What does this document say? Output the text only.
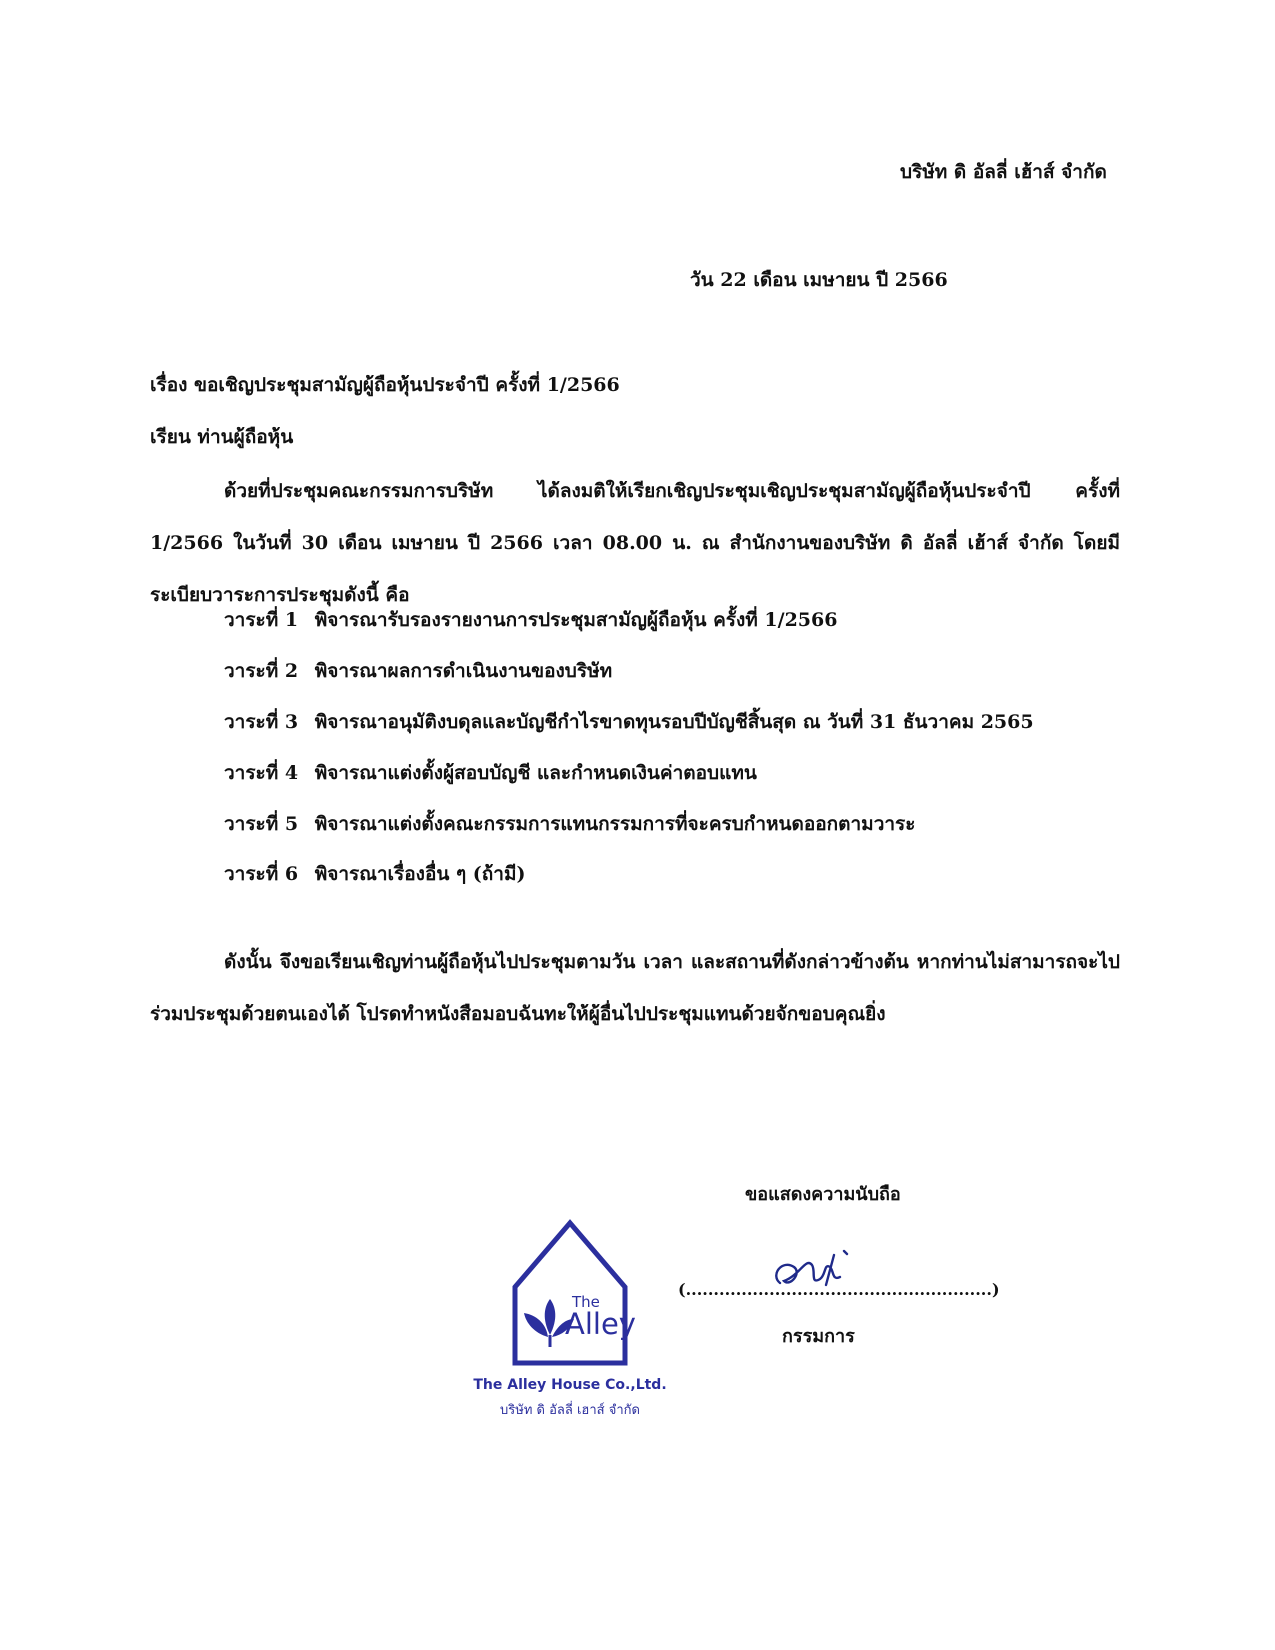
บริษัท ดิ อัลลี่ เฮ้าส์ จำกัด
วัน 22 เดือน เมษายน ปี 2566
เรื่อง ขอเชิญประชุมสามัญผู้ถือหุ้นประจำปี ครั้งที่ 1/2566
เรียน ท่านผู้ถือหุ้น
ด้วยที่ประชุมคณะกรรมการบริษัท ได้ลงมติให้เรียกเชิญประชุมเชิญประชุมสามัญผู้ถือหุ้นประจำปี ครั้งที่ 1/2566 ในวันที่ 30 เดือน เมษายน ปี 2566 เวลา 08.00 น. ณ สำนักงานของบริษัท ดิ อัลลี่ เฮ้าส์ จำกัด โดยมีระเบียบวาระการประชุมดังนี้ คือ
วาระที่ 1 พิจารณารับรองรายงานการประชุมสามัญผู้ถือหุ้น ครั้งที่ 1/2566
วาระที่ 2 พิจารณาผลการดำเนินงานของบริษัท
วาระที่ 3 พิจารณาอนุมัติงบดุลและบัญชีกำไรขาดทุนรอบปีบัญชีสิ้นสุด ณ วันที่ 31 ธันวาคม 2565
วาระที่ 4 พิจารณาแต่งตั้งผู้สอบบัญชี และกำหนดเงินค่าตอบแทน
วาระที่ 5 พิจารณาแต่งตั้งคณะกรรมการแทนกรรมการที่จะครบกำหนดออกตามวาระ
วาระที่ 6 พิจารณาเรื่องอื่น ๆ (ถ้ามี)
ดังนั้น จึงขอเรียนเชิญท่านผู้ถือหุ้นไปประชุมตามวัน เวลา และสถานที่ดังกล่าวข้างต้น หากท่านไม่สามารถจะไปร่วมประชุมด้วยตนเองได้ โปรดทำหนังสือมอบฉันทะให้ผู้อื่นไปประชุมแทนด้วยจักขอบคุณยิ่ง
ขอแสดงความนับถือ
(.......................................................)
กรรมการ
The
Alley
The Alley House Co.,Ltd.
บริษัท ดิ อัลลี่ เฮาส์ จำกัด
